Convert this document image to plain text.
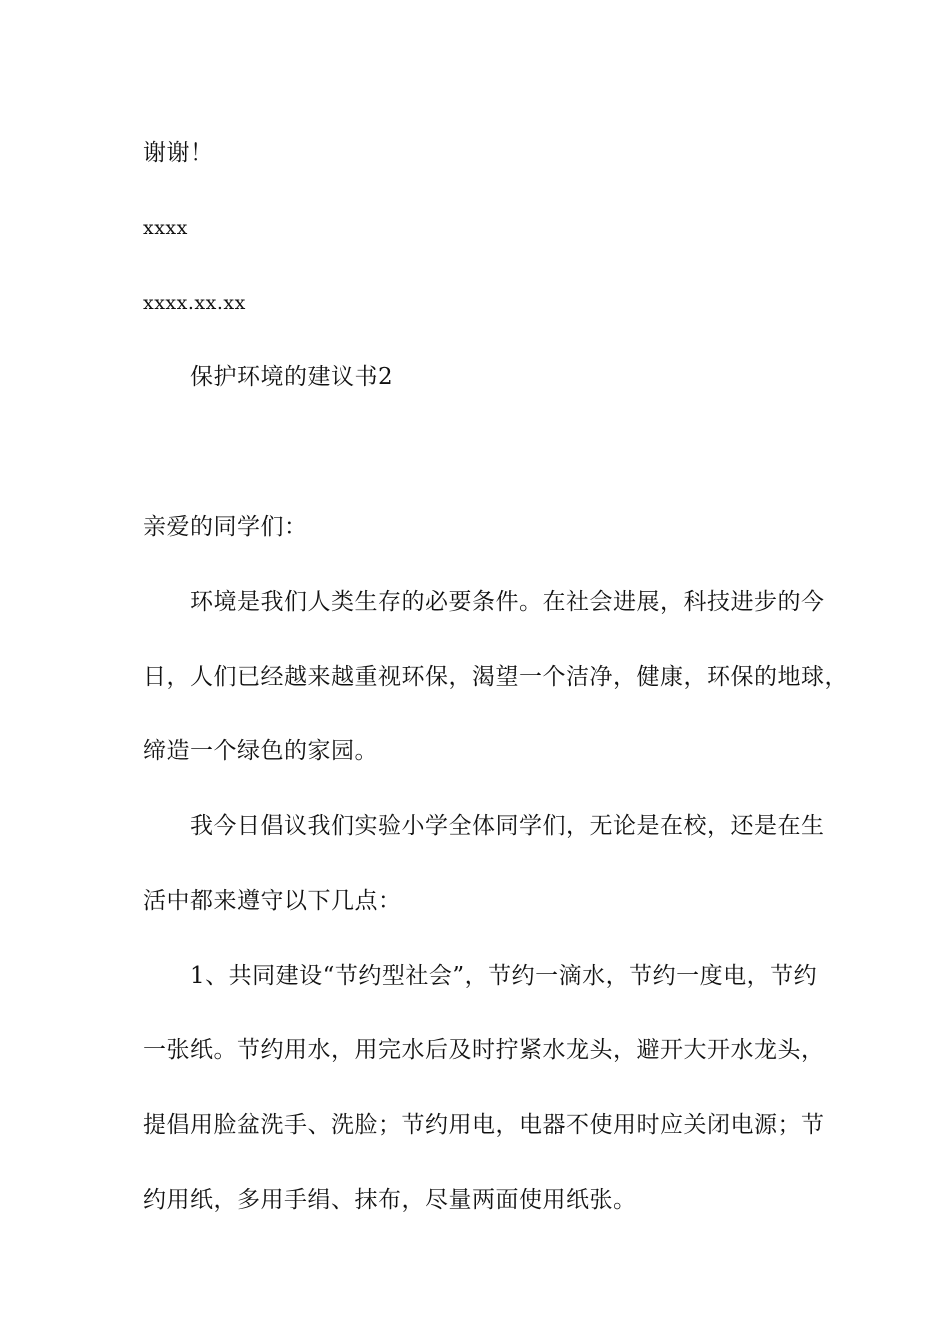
谢谢！
xxxx
xxxx.xx.xx
保护环境的建议书2
亲爱的同学们：
环境是我们人类生存的必要条件。在社会进展，科技进步的今
日，人们已经越来越重视环保，渴望一个洁净，健康，环保的地球，
缔造一个绿色的家园。
我今日倡议我们实验小学全体同学们，无论是在校，还是在生
活中都来遵守以下几点：
1、共同建设“节约型社会”，节约一滴水，节约一度电，节约
一张纸。节约用水，用完水后及时拧紧水龙头，避开大开水龙头，
提倡用脸盆洗手、洗脸；节约用电，电器不使用时应关闭电源；节
约用纸，多用手绢、抹布，尽量两面使用纸张。
